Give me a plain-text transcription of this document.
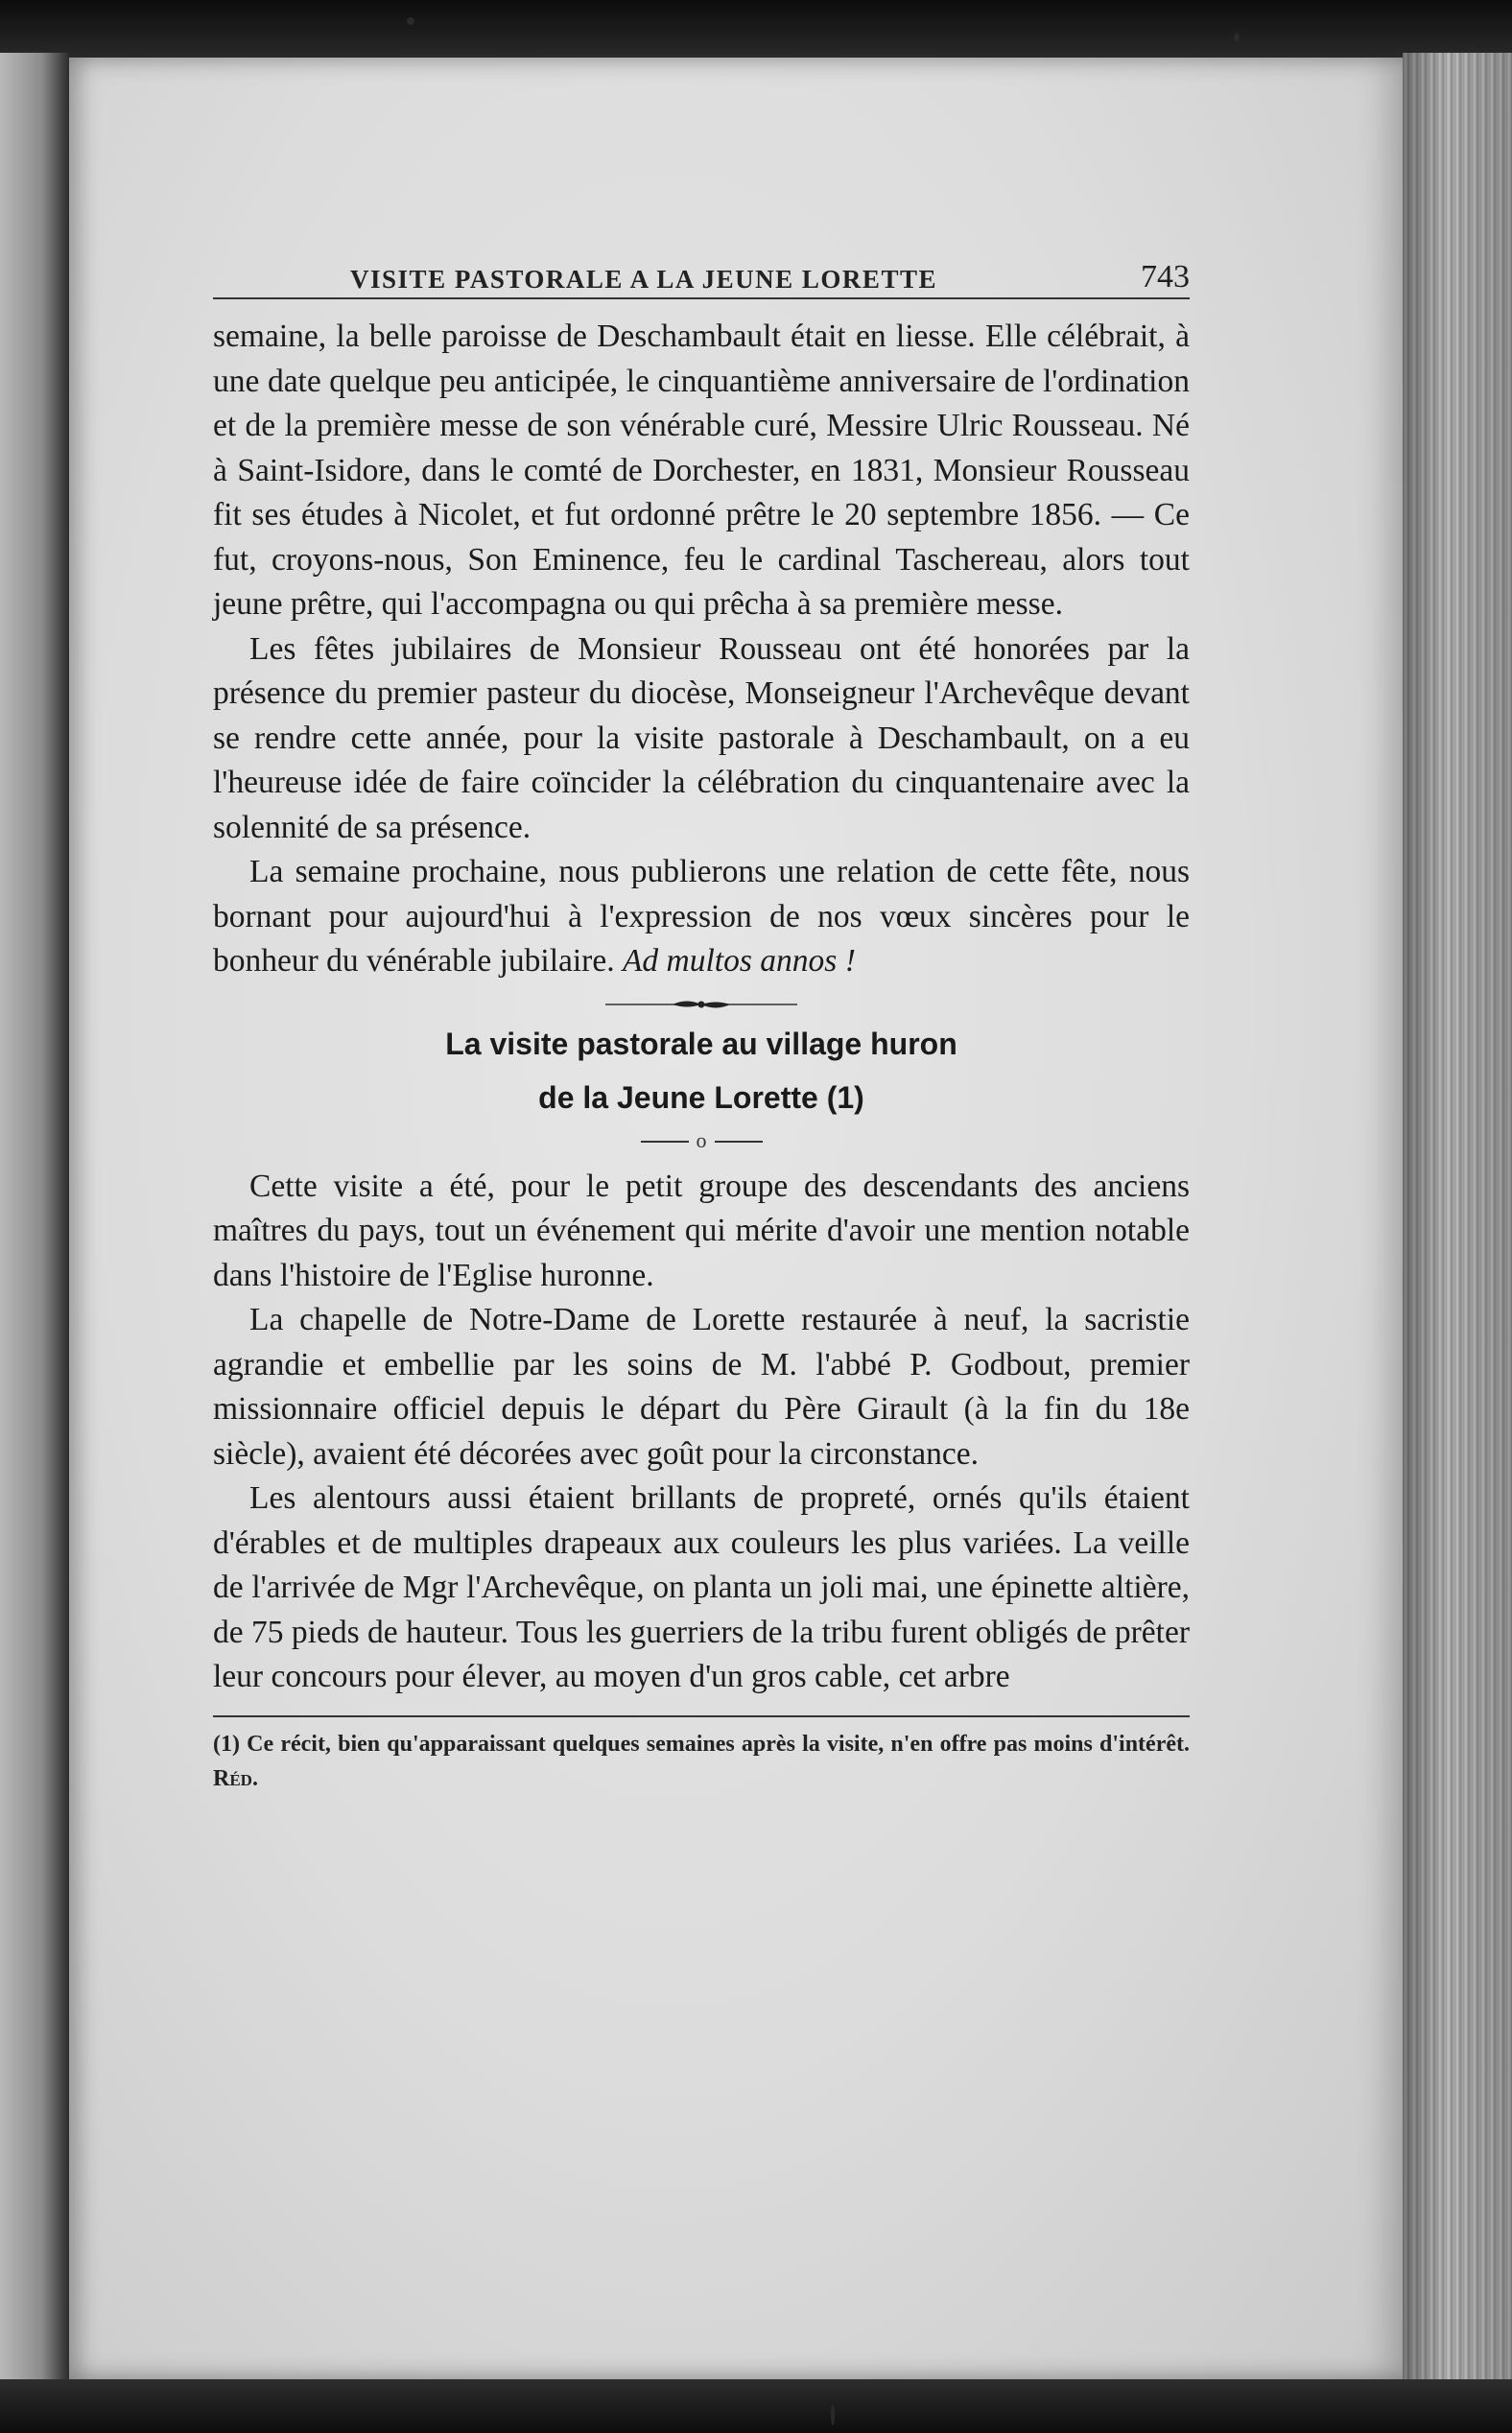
VISITE PASTORALE A LA JEUNE LORETTE	743

semaine, la belle paroisse de Deschambault était en liesse. Elle célébrait, à une date quelque peu anticipée, le cinquantième anniversaire de l'ordination et de la première messe de son vénérable curé, Messire Ulric Rousseau. Né à Saint-Isidore, dans le comté de Dorchester, en 1831, Monsieur Rousseau fit ses études à Nicolet, et fut ordonné prêtre le 20 septembre 1856. — Ce fut, croyons-nous, Son Eminence, feu le cardinal Taschereau, alors tout jeune prêtre, qui l'accompagna ou qui prêcha à sa première messe.

Les fêtes jubilaires de Monsieur Rousseau ont été honorées par la présence du premier pasteur du diocèse, Monseigneur l'Archevêque devant se rendre cette année, pour la visite pastorale à Deschambault, on a eu l'heureuse idée de faire coïncider la célébration du cinquantenaire avec la solennité de sa présence.

La semaine prochaine, nous publierons une relation de cette fête, nous bornant pour aujourd'hui à l'expression de nos vœux sincères pour le bonheur du vénérable jubilaire. Ad multos annos !

La visite pastorale au village huron
de la Jeune Lorette (1)
o

Cette visite a été, pour le petit groupe des descendants des anciens maîtres du pays, tout un événement qui mérite d'avoir une mention notable dans l'histoire de l'Eglise huronne.

La chapelle de Notre-Dame de Lorette restaurée à neuf, la sacristie agrandie et embellie par les soins de M. l'abbé P. Godbout, premier missionnaire officiel depuis le départ du Père Girault (à la fin du 18e siècle), avaient été décorées avec goût pour la circonstance.

Les alentours aussi étaient brillants de propreté, ornés qu'ils étaient d'érables et de multiples drapeaux aux couleurs les plus variées. La veille de l'arrivée de Mgr l'Archevêque, on planta un joli mai, une épinette altière, de 75 pieds de hauteur. Tous les guerriers de la tribu furent obligés de prêter leur concours pour élever, au moyen d'un gros cable, cet arbre

(1) Ce récit, bien qu'apparaissant quelques semaines après la visite, n'en offre pas moins d'intérêt. Réd.
